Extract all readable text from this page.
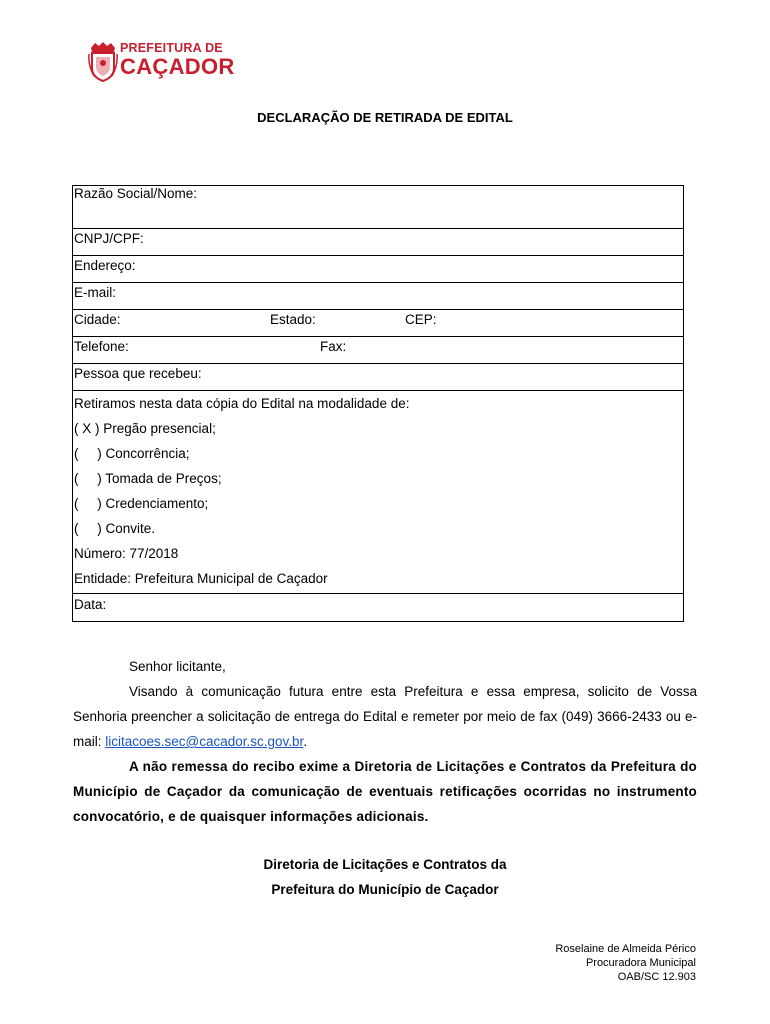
PREFEITURA DE
CAÇADOR
DECLARAÇÃO DE RETIRADA DE EDITAL
Razão Social/Nome:
CNPJ/CPF:
Endereço:
E-mail:
Cidade:	Estado:	CEP:
Telefone:	Fax:
Pessoa que recebeu:

Retiramos nesta data cópia do Edital na modalidade de:
( X ) Pregão presencial;
(     ) Concorrência;
(     ) Tomada de Preços;
(     ) Credenciamento;
(     ) Convite.
Número: 77/2018
Entidade: Prefeitura Municipal de Caçador

Data:

Senhor licitante,

Visando à comunicação futura entre esta Prefeitura e essa empresa, solicito de Vossa Senhoria preencher a solicitação de entrega do Edital e remeter por meio de fax (049) 3666-2433 ou e-mail: licitacoes.sec@cacador.sc.gov.br.

A não remessa do recibo exime a Diretoria de Licitações e Contratos da Prefeitura do Município de Caçador da comunicação de eventuais retificações ocorridas no instrumento convocatório, e de quaisquer informações adicionais.

Diretoria de Licitações e Contratos da
Prefeitura do Município de Caçador
Roselaine de Almeida Périco
Procuradora Municipal
OAB/SC 12.903
